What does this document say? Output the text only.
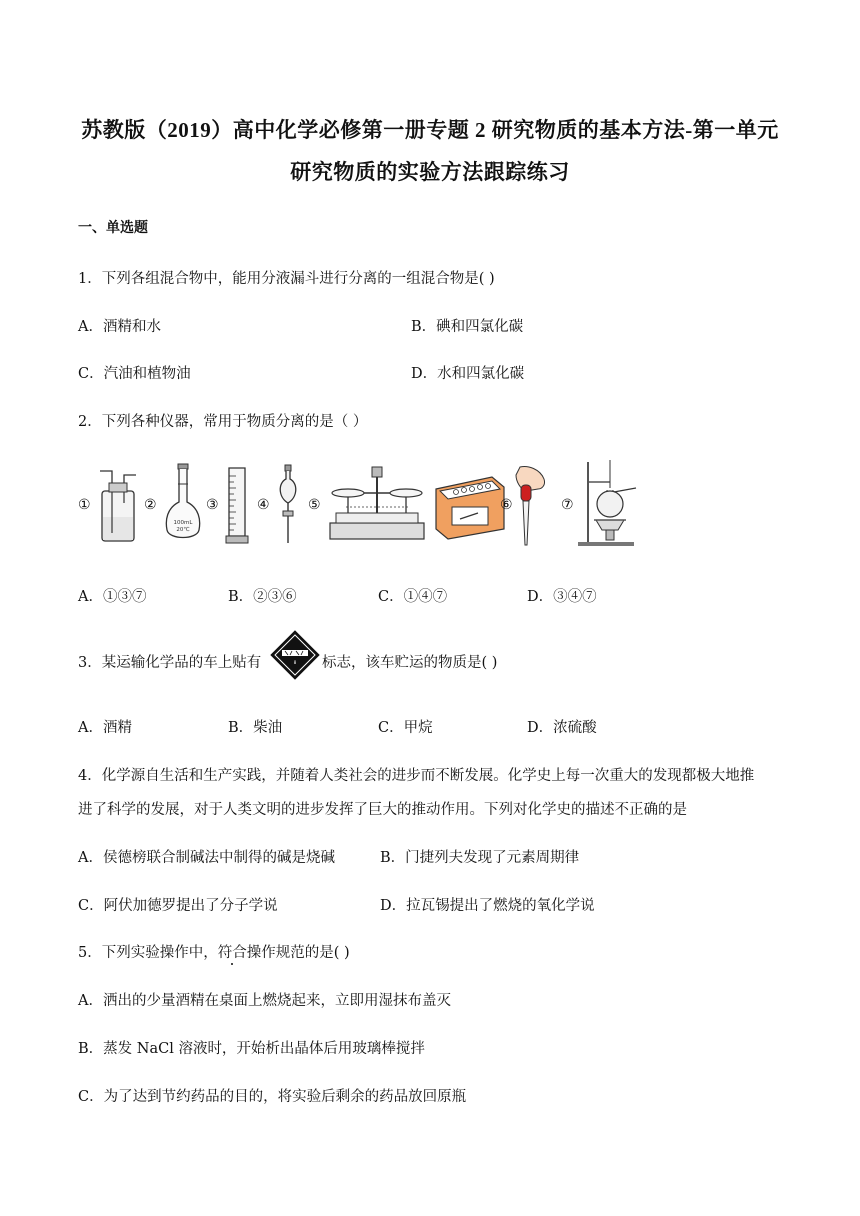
苏教版（2019）高中化学必修第一册专题 2 研究物质的基本方法-第一单元
研究物质的实验方法跟踪练习
一、单选题
1．下列各组混合物中，能用分液漏斗进行分离的一组混合物是( )
A．酒精和水	B．碘和四氯化碳
C．汽油和植物油	D．水和四氯化碳
2．下列各种仪器，常用于物质分离的是（ ）
①	②
100mL
20℃
③	④	⑤	⑥	⑦
A．①③⑦	B．②③⑥	C．①④⑦	D．③④⑦
3．某运输化学品的车上贴有	8 标志，该车贮运的物质是( )
A．酒精	B．柴油	C．甲烷	D．浓硫酸
4．化学源自生活和生产实践，并随着人类社会的进步而不断发展。化学史上每一次重大的发现都极大地推
进了科学的发展，对于人类文明的进步发挥了巨大的推动作用。下列对化学史的描述不正确的是
A．侯德榜联合制碱法中制得的碱是烧碱	B．门捷列夫发现了元素周期律
C．阿伏加德罗提出了分子学说	D．拉瓦锡提出了燃烧的氧化学说
5．下列实验操作中，符合操作规范的是( )
A．洒出的少量酒精在桌面上燃烧起来，立即用湿抹布盖灭
B．蒸发 NaCl 溶液时，开始析出晶体后用玻璃棒搅拌
C．为了达到节约药品的目的，将实验后剩余的药品放回原瓶
